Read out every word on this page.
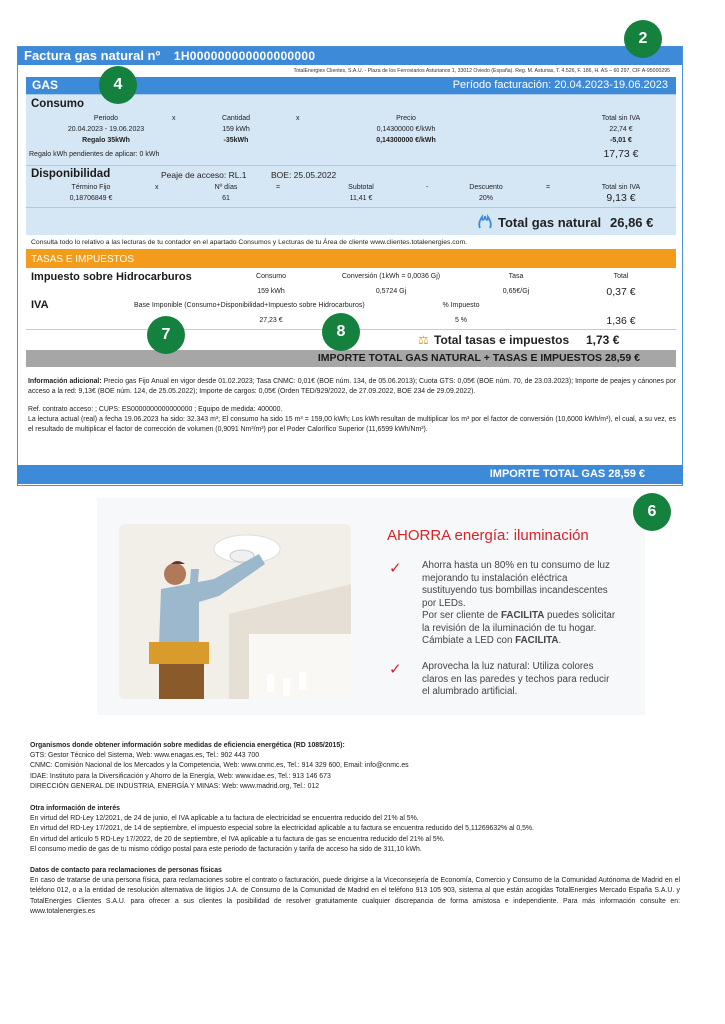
2
Factura gas natural nº 1H000000000000000000
TotalEnergies Clientes, S.A.U. - Plaza de los Ferroviarios Asturianos 1, 33012 Oviedo (España). Reg. M. Asturias, T. 4.526, F. 186, H. AS – 60 297, CIF A-95000295
GAS	Período facturación: 20.04.2023-19.06.2023
Consumo
Periodo	x	Cantidad	x	Precio	Total sin IVA
20.04.2023 - 19.06.2023	159 kWh	0,14300000 €/kWh	22,74 €
Regalo 35kWh	-35kWh	0,14300000 €/kWh	-5,01 €
Regalo kWh pendientes de aplicar: 0 kWh	17,73 €
Disponibilidad	Peaje de acceso: RL.1	BOE: 25.05.2022
Término Fijo	x	Nº días	=	Subtotal	-	Descuento	=	Total sin IVA
0,18706849 €	61	11,41 €	20%	9,13 €
Total gas natural 26,86 €
Consulta todo lo relativo a las lecturas de tu contador en el apartado Consumos y Lecturas de tu Área de cliente www.clientes.totalenergies.com.
TASAS E IMPUESTOS
Impuesto sobre Hidrocarburos	Consumo	Conversión (1kWh = 0,0036 Gj)	Tasa	Total
159 kWh	0,5724 Gj	0,65€/Gj	0,37 €
IVA	Base Imponible (Consumo+Disponibilidad+Impuesto sobre Hidrocarburos)	% Impuesto
27,23 €	5 %	1,36 €
⚖ Total tasas e impuestos 1,73 €
IMPORTE TOTAL GAS NATURAL + TASAS E IMPUESTOS 28,59 €
Información adicional: Precio gas Fijo Anual en vigor desde 01.02.2023; Tasa CNMC: 0,01€ (BOE núm. 134, de 05.06.2013); Cuota GTS: 0,05€ (BOE núm. 70, de 23.03.2023); Importe de peajes y cánones por acceso a la red: 9,13€ (BOE núm. 124, de 25.05.2022); Importe de cargos: 0,05€ (Orden TED/929/2022, de 27.09.2022, BOE 234 de 29.09.2022).
Ref. contrato acceso: ; CUPS: ES0000000000000000 ; Equipo de medida: 400000.
La lectura actual (real) a fecha 19.06.2023 ha sido: 32.343 m³; El consumo ha sido 15 m³ = 159,00 kWh; Los kWh resultan de multiplicar los m³ por el factor de conversión (10,6000 kWh/m³), el cual, a su vez, es el resultado de multiplicar el factor de corrección de volumen (0,9091 Nm³/m³) por el Poder Calorífico Superior (11,6599 kWh/Nm³).
IMPORTE TOTAL GAS 28,59 €
4
7	8
6
AHORRA energía: iluminación
✓ Ahorra hasta un 80% en tu consumo de luz
mejorando tu instalación eléctrica
sustituyendo tus bombillas incandescentes
por LEDs.
Por ser cliente de FACILITA puedes solicitar
la revisión de la iluminación de tu hogar.
Cámbiate a LED con FACILITA.
✓ Aprovecha la luz natural: Utiliza colores
claros en las paredes y techos para reducir
el alumbrado artificial.
Organismos donde obtener información sobre medidas de eficiencia energética (RD 1085/2015):
GTS: Gestor Técnico del Sistema, Web: www.enagas.es, Tel.: 902 443 700
CNMC: Comisión Nacional de los Mercados y la Competencia, Web: www.cnmc.es, Tel.: 914 329 600, Email: info@cnmc.es
IDAE: Instituto para la Diversificación y Ahorro de la Energía, Web: www.idae.es, Tel.: 913 146 673
DIRECCIÓN GENERAL DE INDUSTRIA, ENERGÍA Y MINAS: Web: www.madrid.org, Tel.: 012
Otra información de interés
En virtud del RD-Ley 12/2021, de 24 de junio, el IVA aplicable a tu factura de electricidad se encuentra reducido del 21% al 5%.
En virtud del RD-Ley 17/2021, de 14 de septiembre, el impuesto especial sobre la electricidad aplicable a tu factura se encuentra reducido del 5,11269632% al 0,5%.
En virtud del artículo 5 RD-Ley 17/2022, de 20 de septiembre, el IVA aplicable a tu factura de gas se encuentra reducido del 21% al 5%.
El consumo medio de gas de tu mismo código postal para este periodo de facturación y tarifa de acceso ha sido de 311,10 kWh.
Datos de contacto para reclamaciones de personas físicas
En caso de tratarse de una persona física, para reclamaciones sobre el contrato o facturación, puede dirigirse a la Viceconsejería de Economía, Comercio y Consumo de la Comunidad Autónoma de Madrid en el teléfono 012, o a la entidad de resolución alternativa de litigios J.A. de Consumo de la Comunidad de Madrid en el teléfono 913 105 903, sistema al que están acogidas TotalEnergies Mercado España S.A.U. y TotalEnergies Clientes S.A.U. para ofrecer a sus clientes la posibilidad de resolver gratuitamente cualquier discrepancia de forma amistosa e independiente. Para más información consulte en: www.totalenergies.es
